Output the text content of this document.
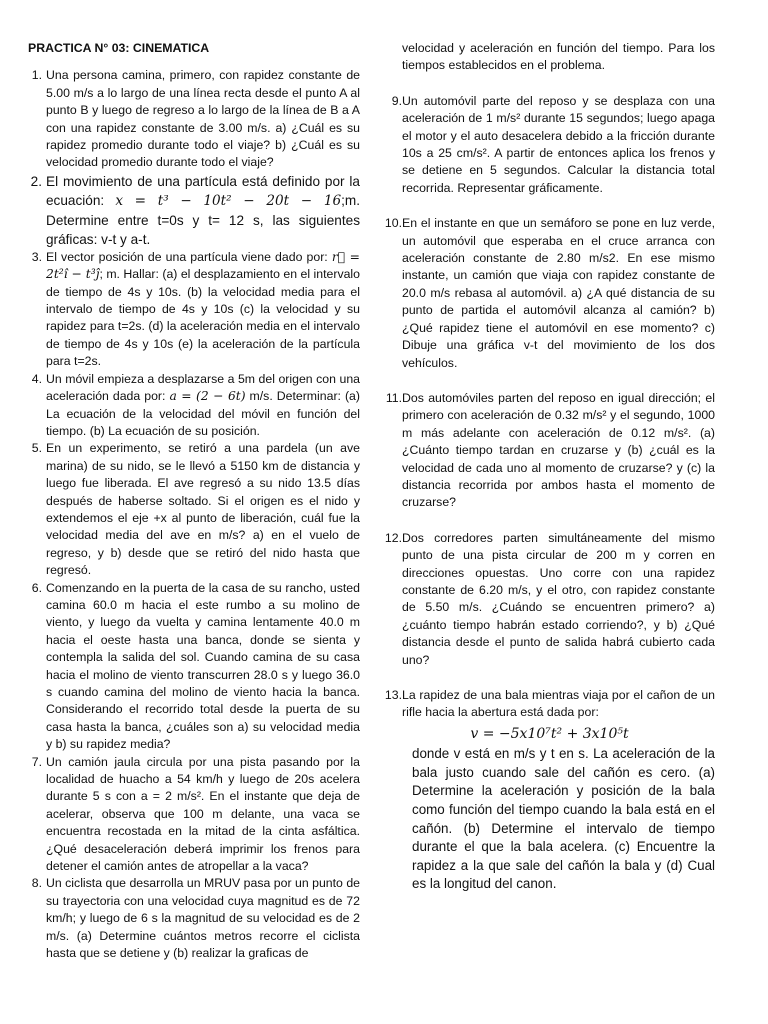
PRACTICA N° 03: CINEMATICA
1. Una persona camina, primero, con rapidez constante de 5.00 m/s a lo largo de una línea recta desde el punto A al punto B y luego de regreso a lo largo de la línea de B a A con una rapidez constante de 3.00 m/s. a) ¿Cuál es su rapidez promedio durante todo el viaje? b) ¿Cuál es su velocidad promedio durante todo el viaje?
2. El movimiento de una partícula está definido por la ecuación: x = t³ − 10t² − 20t − 16;m. Determine entre t=0s y t= 12 s, las siguientes gráficas: v-t y a-t.
3. El vector posición de una partícula viene dado por: r⃗ = 2t²î − t³ĵ; m. Hallar: (a) el desplazamiento en el intervalo de tiempo de 4s y 10s. (b) la velocidad media para el intervalo de tiempo de 4s y 10s (c) la velocidad y su rapidez para t=2s. (d) la aceleración media en el intervalo de tiempo de 4s y 10s (e) la aceleración de la partícula para t=2s.
4. Un móvil empieza a desplazarse a 5m del origen con una aceleración dada por: a = (2 − 6t) m/s. Determinar: (a) La ecuación de la velocidad del móvil en función del tiempo. (b) La ecuación de su posición.
5. En un experimento, se retiró a una pardela (un ave marina) de su nido, se le llevó a 5150 km de distancia y luego fue liberada. El ave regresó a su nido 13.5 días después de haberse soltado. Si el origen es el nido y extendemos el eje +x al punto de liberación, cuál fue la velocidad media del ave en m/s? a) en el vuelo de regreso, y b) desde que se retiró del nido hasta que regresó.
6. Comenzando en la puerta de la casa de su rancho, usted camina 60.0 m hacia el este rumbo a su molino de viento, y luego da vuelta y camina lentamente 40.0 m hacia el oeste hasta una banca, donde se sienta y contempla la salida del sol. Cuando camina de su casa hacia el molino de viento transcurren 28.0 s y luego 36.0 s cuando camina del molino de viento hacia la banca. Considerando el recorrido total desde la puerta de su casa hasta la banca, ¿cuáles son a) su velocidad media y b) su rapidez media?
7. Un camión jaula circula por una pista pasando por la localidad de huacho a 54 km/h y luego de 20s acelera durante 5 s con a = 2 m/s². En el instante que deja de acelerar, observa que 100 m delante, una vaca se encuentra recostada en la mitad de la cinta asfáltica. ¿Qué desaceleración deberá imprimir los frenos para detener el camión antes de atropellar a la vaca?
8. Un ciclista que desarrolla un MRUV pasa por un punto de su trayectoria con una velocidad cuya magnitud es de 72 km/h; y luego de 6 s la magnitud de su velocidad es de 2 m/s. (a) Determine cuántos metros recorre el ciclista hasta que se detiene y (b) realizar la graficas de
velocidad y aceleración en función del tiempo. Para los tiempos establecidos en el problema.
9. Un automóvil parte del reposo y se desplaza con una aceleración de 1 m/s² durante 15 segundos; luego apaga el motor y el auto desacelera debido a la fricción durante 10s a 25 cm/s². A partir de entonces aplica los frenos y se detiene en 5 segundos. Calcular la distancia total recorrida. Representar gráficamente.
10. En el instante en que un semáforo se pone en luz verde, un automóvil que esperaba en el cruce arranca con aceleración constante de 2.80 m/s2. En ese mismo instante, un camión que viaja con rapidez constante de 20.0 m/s rebasa al automóvil. a) ¿A qué distancia de su punto de partida el automóvil alcanza al camión? b) ¿Qué rapidez tiene el automóvil en ese momento? c) Dibuje una gráfica v-t del movimiento de los dos vehículos.
11. Dos automóviles parten del reposo en igual dirección; el primero con aceleración de 0.32 m/s² y el segundo, 1000 m más adelante con aceleración de 0.12 m/s². (a) ¿Cuánto tiempo tardan en cruzarse y (b) ¿cuál es la velocidad de cada uno al momento de cruzarse? y (c) la distancia recorrida por ambos hasta el momento de cruzarse?
12. Dos corredores parten simultáneamente del mismo punto de una pista circular de 200 m y corren en direcciones opuestas. Uno corre con una rapidez constante de 6.20 m/s, y el otro, con rapidez constante de 5.50 m/s. ¿Cuándo se encuentren primero? a) ¿cuánto tiempo habrán estado corriendo?, y b) ¿Qué distancia desde el punto de salida habrá cubierto cada uno?
13. La rapidez de una bala mientras viaja por el cañon de un rifle hacia la abertura está dada por:
v = −5x10⁷t² + 3x10⁵t
donde v está en m/s y t en s. La aceleración de la bala justo cuando sale del cañón es cero. (a) Determine la aceleración y posición de la bala como función del tiempo cuando la bala está en el cañón. (b) Determine el intervalo de tiempo durante el que la bala acelera. (c) Encuentre la rapidez a la que sale del cañón la bala y (d) Cual es la longitud del canon.
